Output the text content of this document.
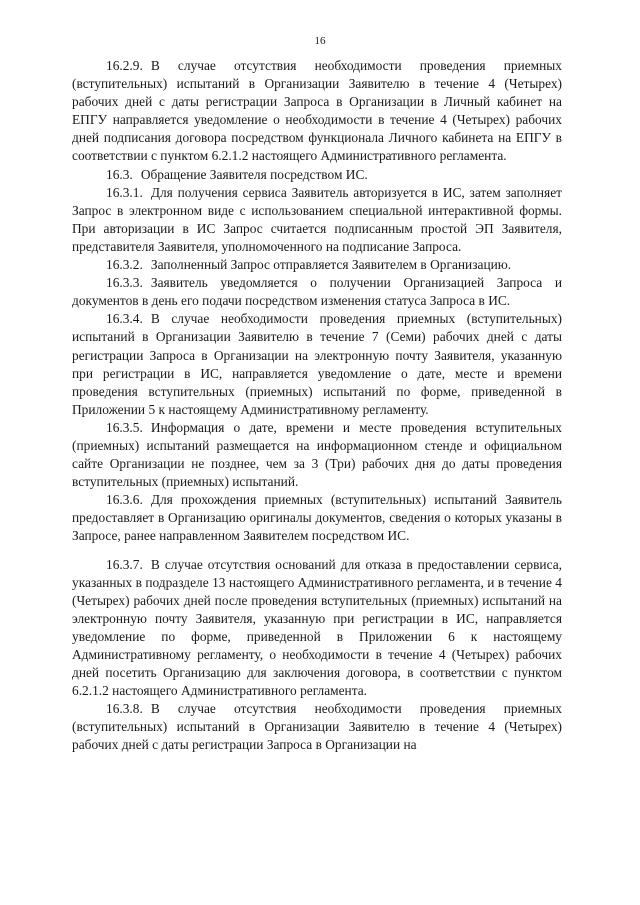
16

16.2.9. В случае отсутствия необходимости проведения приемных (вступительных) испытаний в Организации Заявителю в течение 4 (Четырех) рабочих дней с даты регистрации Запроса в Организации в Личный кабинет на ЕПГУ направляется уведомление о необходимости в течение 4 (Четырех) рабочих дней подписания договора посредством функционала Личного кабинета на ЕПГУ в соответствии с пунктом 6.2.1.2 настоящего Административного регламента.

16.3. Обращение Заявителя посредством ИС.

16.3.1. Для получения сервиса Заявитель авторизуется в ИС, затем заполняет Запрос в электронном виде с использованием специальной интерактивной формы. При авторизации в ИС Запрос считается подписанным простой ЭП Заявителя, представителя Заявителя, уполномоченного на подписание Запроса.

16.3.2. Заполненный Запрос отправляется Заявителем в Организацию.

16.3.3. Заявитель уведомляется о получении Организацией Запроса и документов в день его подачи посредством изменения статуса Запроса в ИС.

16.3.4. В случае необходимости проведения приемных (вступительных) испытаний в Организации Заявителю в течение 7 (Семи) рабочих дней с даты регистрации Запроса в Организации на электронную почту Заявителя, указанную при регистрации в ИС, направляется уведомление о дате, месте и времени проведения вступительных (приемных) испытаний по форме, приведенной в Приложении 5 к настоящему Административному регламенту.

16.3.5. Информация о дате, времени и месте проведения вступительных (приемных) испытаний размещается на информационном стенде и официальном сайте Организации не позднее, чем за 3 (Три) рабочих дня до даты проведения вступительных (приемных) испытаний.

16.3.6. Для прохождения приемных (вступительных) испытаний Заявитель предоставляет в Организацию оригиналы документов, сведения о которых указаны в Запросе, ранее направленном Заявителем посредством ИС.

16.3.7. В случае отсутствия оснований для отказа в предоставлении сервиса, указанных в подразделе 13 настоящего Административного регламента, и в течение 4 (Четырех) рабочих дней после проведения вступительных (приемных) испытаний на электронную почту Заявителя, указанную при регистрации в ИС, направляется уведомление по форме, приведенной в Приложении 6 к настоящему Административному регламенту, о необходимости в течение 4 (Четырех) рабочих дней посетить Организацию для заключения договора, в соответствии с пунктом 6.2.1.2 настоящего Административного регламента.

16.3.8. В случае отсутствия необходимости проведения приемных (вступительных) испытаний в Организации Заявителю в течение 4 (Четырех) рабочих дней с даты регистрации Запроса в Организации на
